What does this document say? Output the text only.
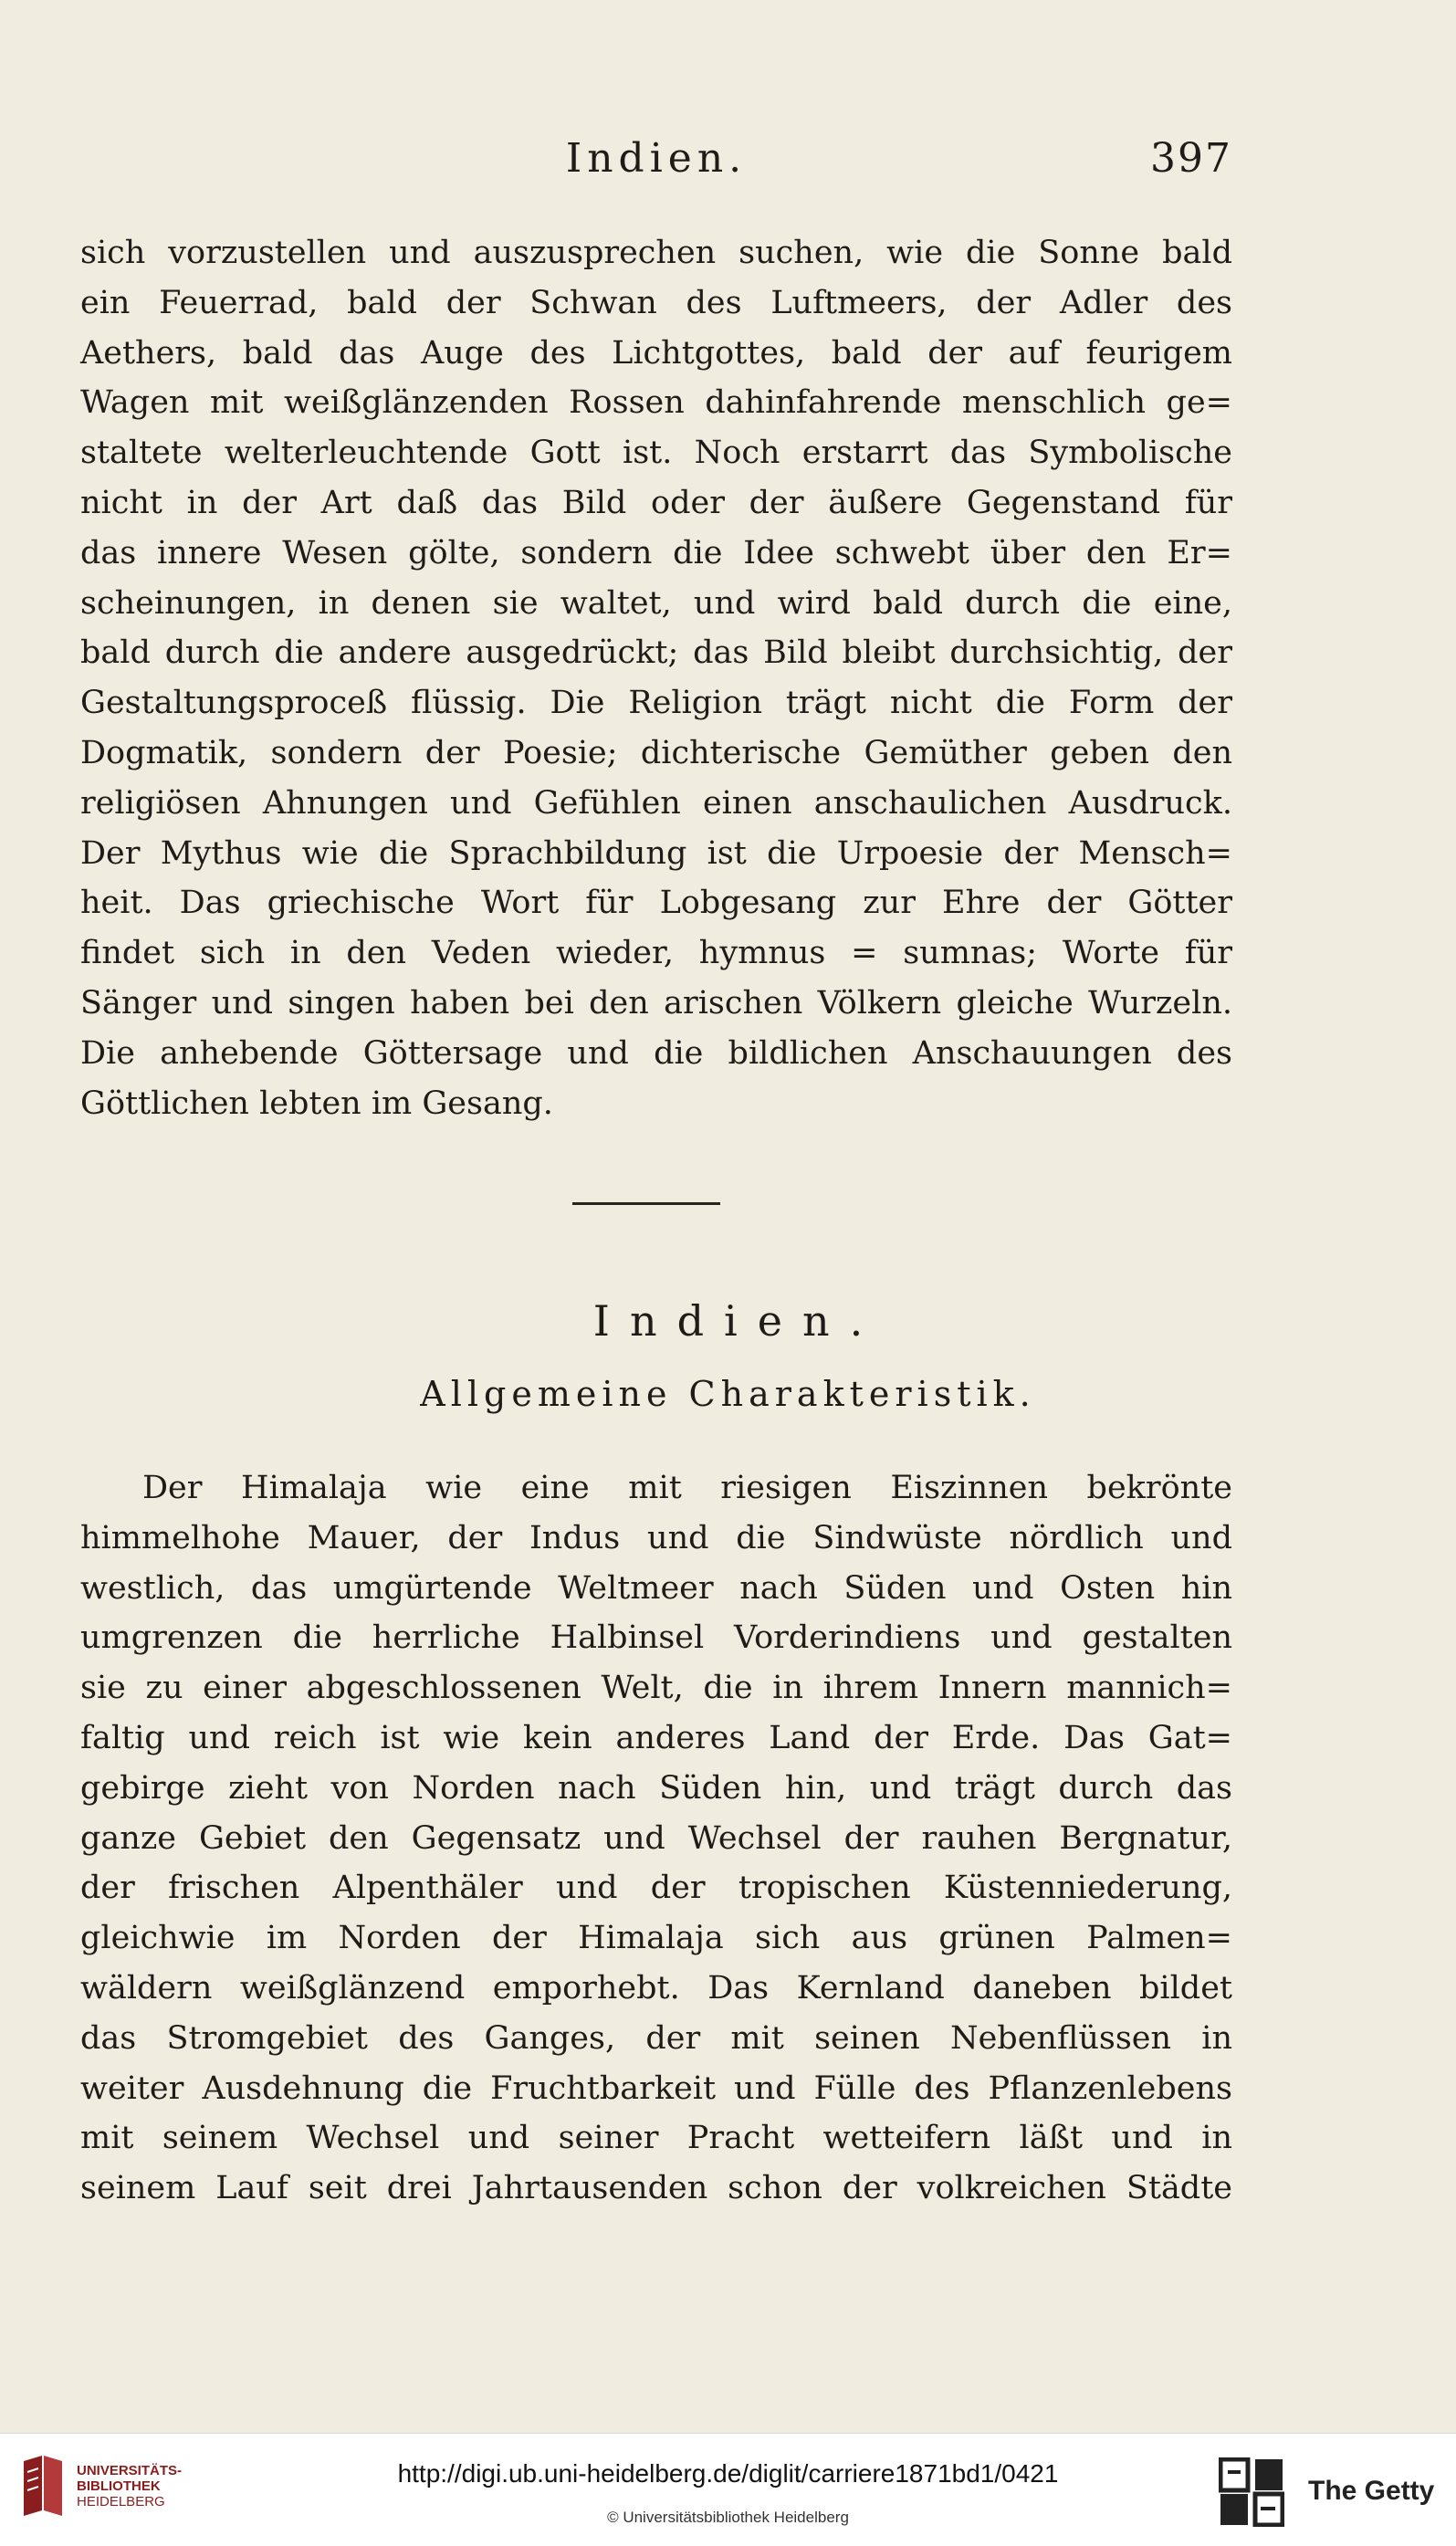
Indien.	397
sich vorzustellen und auszusprechen suchen, wie die Sonne bald
ein Feuerrad, bald der Schwan des Luftmeers, der Adler des
Aethers, bald das Auge des Lichtgottes, bald der auf feurigem
Wagen mit weißglänzenden Rossen dahinfahrende menschlich ge=
staltete welterleuchtende Gott ist. Noch erstarrt das Symbolische
nicht in der Art daß das Bild oder der äußere Gegenstand für
das innere Wesen gölte, sondern die Idee schwebt über den Er=
scheinungen, in denen sie waltet, und wird bald durch die eine,
bald durch die andere ausgedrückt; das Bild bleibt durchsichtig, der
Gestaltungsproceß flüssig. Die Religion trägt nicht die Form der
Dogmatik, sondern der Poesie; dichterische Gemüther geben den
religiösen Ahnungen und Gefühlen einen anschaulichen Ausdruck.
Der Mythus wie die Sprachbildung ist die Urpoesie der Mensch=
heit. Das griechische Wort für Lobgesang zur Ehre der Götter
findet sich in den Veden wieder, hymnus = sumnas; Worte für
Sänger und singen haben bei den arischen Völkern gleiche Wurzeln.
Die anhebende Göttersage und die bildlichen Anschauungen des
Göttlichen lebten im Gesang.
Indien.
Allgemeine Charakteristik.
Der Himalaja wie eine mit riesigen Eiszinnen bekrönte
himmelhohe Mauer, der Indus und die Sindwüste nördlich und
westlich, das umgürtende Weltmeer nach Süden und Osten hin
umgrenzen die herrliche Halbinsel Vorderindiens und gestalten
sie zu einer abgeschlossenen Welt, die in ihrem Innern mannich=
faltig und reich ist wie kein anderes Land der Erde. Das Gat=
gebirge zieht von Norden nach Süden hin, und trägt durch das
ganze Gebiet den Gegensatz und Wechsel der rauhen Bergnatur,
der frischen Alpenthäler und der tropischen Küstenniederung,
gleichwie im Norden der Himalaja sich aus grünen Palmen=
wäldern weißglänzend emporhebt. Das Kernland daneben bildet
das Stromgebiet des Ganges, der mit seinen Nebenflüssen in
weiter Ausdehnung die Fruchtbarkeit und Fülle des Pflanzenlebens
mit seinem Wechsel und seiner Pracht wetteifern läßt und in
seinem Lauf seit drei Jahrtausenden schon der volkreichen Städte
UNIVERSITÄTS-
BIBLIOTHEK
HEIDELBERG
http://digi.ub.uni-heidelberg.de/diglit/carriere1871bd1/0421
© Universitätsbibliothek Heidelberg
The Getty
